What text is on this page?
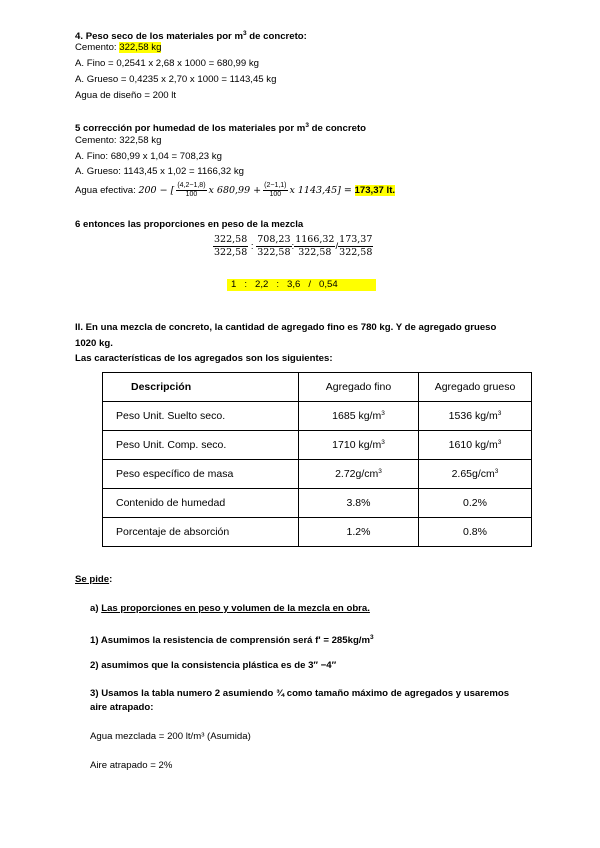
4. Peso seco de los materiales por $m^3$ de concreto:
Cemento: 322,58 kg
A. Fino = 0,2541 x 2,68 x 1000 = 680,99 kg
A. Grueso = 0,4235 x 2,70 x 1000 = 1143,45 kg
Agua de diseño = 200 lt
5 corrección por humedad de los materiales por $m^3$ de concreto
Cemento: 322,58 kg
A. Fino: 680,99 x 1,04 = 708,23 kg
A. Grueso: 1143,45 x 1,02 = 1166,32 kg
Agua efectiva: 200 − [ $\frac{(4,2-1,8)}{100}$ x $680,99 + \frac{(2-1,1)}{100}$ x 1143,45] = 173,37 lt.
6 entonces las proporciones en peso de la mezcla
$\frac{322,58}{322,58}$ : $\frac{708,23}{322,58}$ : $\frac{1166,32}{322,58} / \frac{173,37}{322,58}$
1   :   2,2   :   3,6   /   0,54
II. En una mezcla de concreto, la cantidad de agregado fino es 780 kg. Y de agregado grueso
1020 kg.
Las características de los agregados son los siguientes:
Descripción	Agregado fino	Agregado grueso
Peso Unit. Suelto seco.	1685 $kg/m^3$	1536 $kg/m^3$
Peso Unit. Comp. seco.	1710 $kg/m^3$	1610 $kg/m^3$
Peso específico de masa	$2.72g/cm^3$	$2.65g/cm^3$
Contenido de humedad	3.8%	0.2%
Porcentaje de absorción	1.2%	0.8%
Se pide:
a) Las proporciones en peso y volumen de la mezcla en obra.
1) Asumimos la resistencia de comprensión será $f' = 285kg/m^3$
2) asumimos que la consistencia plástica es de 3″ −4″
3) Usamos la tabla numero 2 asumiendo ¾ como tamaño máximo de agregados y usaremos
aire atrapado:
Agua mezclada = 200 lt/m³ (Asumida)
Aire atrapado = 2%
